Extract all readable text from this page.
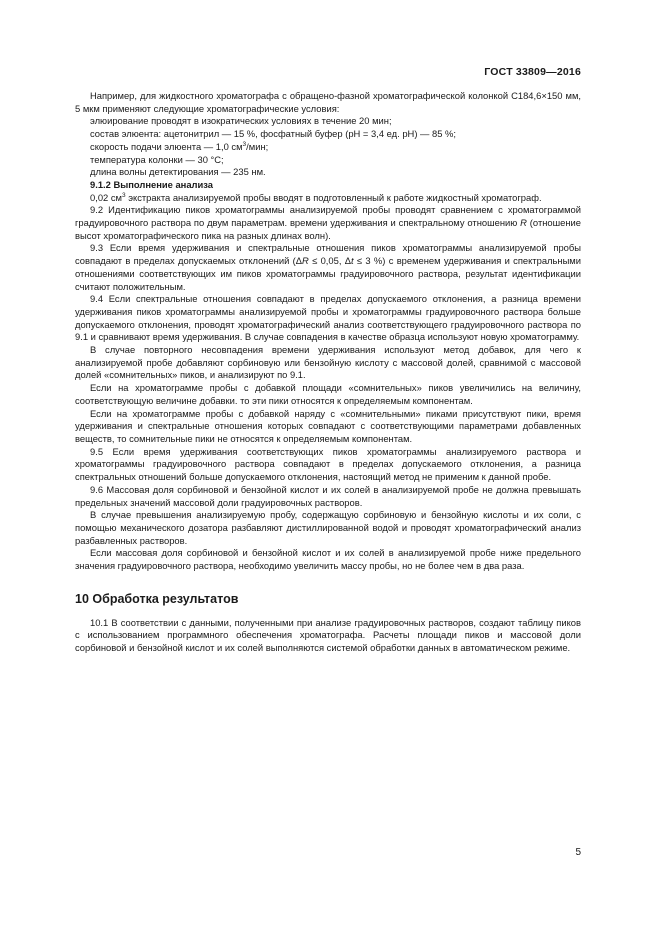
ГОСТ 33809—2016

Например, для жидкостного хроматографа с обращено-фазной хроматографической колонкой С184,6×150 мм, 5 мкм применяют следующие хроматографические условия:

элюирование проводят в изократических условиях в течение 20 мин;

состав элюента: ацетонитрил — 15 %, фосфатный буфер (рН = 3,4 ед. рН) — 85 %;

скорость подачи элюента — 1,0 $см^3$/мин;

температура колонки — 30 °С;

длина волны детектирования — 235 нм.

9.1.2 Выполнение анализа

0,02 $см^3$ экстракта анализируемой пробы вводят в подготовленный к работе жидкостный хроматограф.

9.2 Идентификацию пиков хроматограммы анализируемой пробы проводят сравнением с хроматограммой градуировочного раствора по двум параметрам. времени удерживания и спектральному отношению R (отношение высот хроматографического пика на разных длинах волн).

9.3 Если время удерживания и спектральные отношения пиков хроматограммы анализируемой пробы совпадают в пределах допускаемых отклонений (ΔR ≤ 0,05, Δt ≤ 3 %) с временем удерживания и спектральными отношениями соответствующих им пиков хроматограммы градуировочного раствора, результат идентификации считают положительным.

9.4 Если спектральные отношения совпадают в пределах допускаемого отклонения, а разница времени удерживания пиков хроматограммы анализируемой пробы и хроматограммы градуировочного раствора больше допускаемого отклонения, проводят хроматографический анализ соответствующего градуировочного раствора по 9.1 и сравнивают время удерживания. В случае совпадения в качестве образца используют новую хроматограмму.

В случае повторного несовпадения времени удерживания используют метод добавок, для чего к анализируемой пробе добавляют сорбиновую или бензойную кислоту с массовой долей, сравнимой с массовой долей «сомнительных» пиков, и анализируют по 9.1.

Если на хроматограмме пробы с добавкой площади «сомнительных» пиков увеличились на величину, соответствующую величине добавки. то эти пики относятся к определяемым компонентам.

Если на хроматограмме пробы с добавкой наряду с «сомнительными» пиками присутствуют пики, время удерживания и спектральные отношения которых совпадают с соответствующими параметрами добавленных веществ, то сомнительные пики не относятся к определяемым компонентам.

9.5 Если время удерживания соответствующих пиков хроматограммы анализируемого раствора и хроматограммы градуировочного раствора совпадают в пределах допускаемого отклонения, а разница спектральных отношений больше допускаемого отклонения, настоящий метод не применим к данной пробе.

9.6 Массовая доля сорбиновой и бензойной кислот и их солей в анализируемой пробе не должна превышать предельных значений массовой доли градуировочных растворов.

В случае превышения анализируемую пробу, содержащую сорбиновую и бензойную кислоты и их соли, с помощью механического дозатора разбавляют дистиллированной водой и проводят хроматографический анализ разбавленных растворов.

Если массовая доля сорбиновой и бензойной кислот и их солей в анализируемой пробе ниже предельного значения градуировочного раствора, необходимо увеличить массу пробы, но не более чем в два раза.

10 Обработка результатов

10.1 В соответствии с данными, полученными при анализе градуировочных растворов, создают таблицу пиков с использованием программного обеспечения хроматографа. Расчеты площади пиков и массовой доли сорбиновой и бензойной кислот и их солей выполняются системой обработки данных в автоматическом режиме.

5
